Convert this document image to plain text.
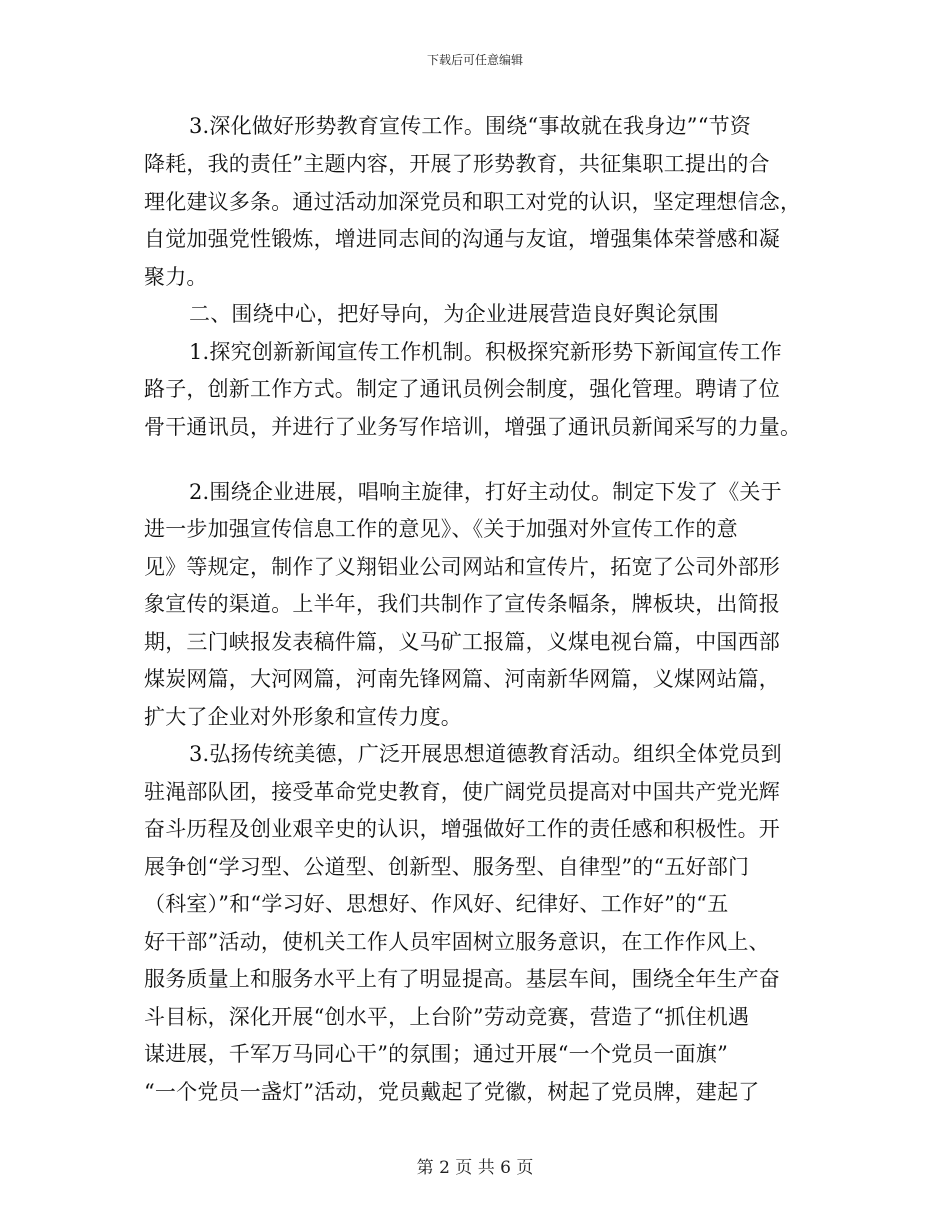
下载后可任意编辑
3.深化做好形势教育宣传工作。围绕“事故就在我身边”“节资
降耗，我的责任”主题内容，开展了形势教育，共征集职工提出的合
理化建议多条。通过活动加深党员和职工对党的认识，坚定理想信念，
自觉加强党性锻炼，增进同志间的沟通与友谊，增强集体荣誉感和凝
聚力。
二、围绕中心，把好导向，为企业进展营造良好舆论氛围
1.探究创新新闻宣传工作机制。积极探究新形势下新闻宣传工作
路子，创新工作方式。制定了通讯员例会制度，强化管理。聘请了位
骨干通讯员，并进行了业务写作培训，增强了通讯员新闻采写的力量。
2.围绕企业进展，唱响主旋律，打好主动仗。制定下发了《关于
进一步加强宣传信息工作的意见》、《关于加强对外宣传工作的意
见》等规定，制作了义翔铝业公司网站和宣传片，拓宽了公司外部形
象宣传的渠道。上半年，我们共制作了宣传条幅条，牌板块，出简报
期，三门峡报发表稿件篇，义马矿工报篇，义煤电视台篇，中国西部
煤炭网篇，大河网篇，河南先锋网篇、河南新华网篇，义煤网站篇，
扩大了企业对外形象和宣传力度。
3.弘扬传统美德，广泛开展思想道德教育活动。组织全体党员到
驻渑部队团，接受革命党史教育，使广阔党员提高对中国共产党光辉
奋斗历程及创业艰辛史的认识，增强做好工作的责任感和积极性。开
展争创“学习型、公道型、创新型、服务型、自律型”的“五好部门
（科室）”和“学习好、思想好、作风好、纪律好、工作好”的“五
好干部”活动，使机关工作人员牢固树立服务意识，在工作作风上、
服务质量上和服务水平上有了明显提高。基层车间，围绕全年生产奋
斗目标，深化开展“创水平，上台阶”劳动竞赛，营造了“抓住机遇
谋进展，千军万马同心干”的氛围；通过开展“一个党员一面旗”
“一个党员一盏灯”活动，党员戴起了党徽，树起了党员牌，建起了
第 2 页 共 6 页
